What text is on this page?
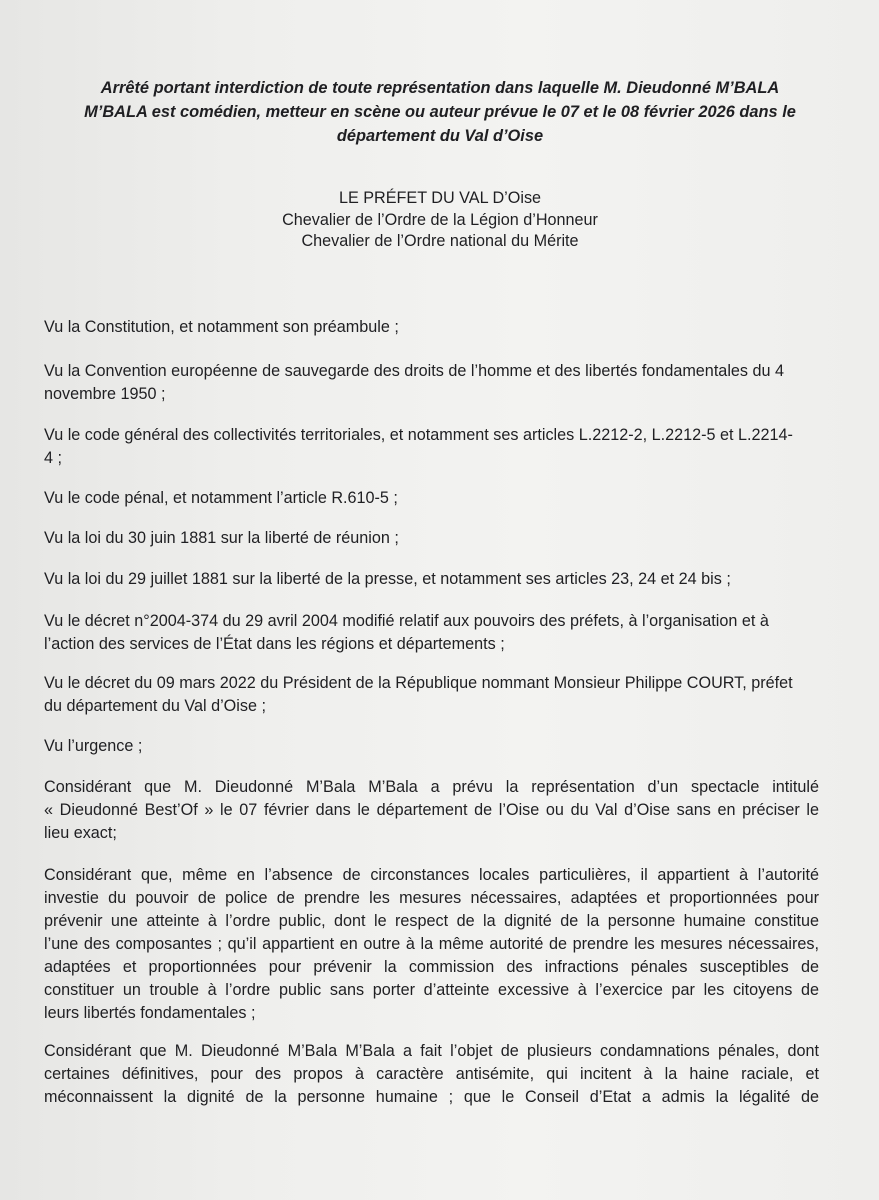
Arrêté portant interdiction de toute représentation dans laquelle M. Dieudonné M’BALA
M’BALA est comédien, metteur en scène ou auteur prévue le 07 et le 08 février 2026 dans le
département du Val d’Oise
LE PRÉFET DU VAL D’Oise
Chevalier de l’Ordre de la Légion d’Honneur
Chevalier de l’Ordre national du Mérite
Vu la Constitution, et notamment son préambule ;
Vu la Convention européenne de sauvegarde des droits de l’homme et des libertés fondamentales du 4
novembre 1950 ;
Vu le code général des collectivités territoriales, et notamment ses articles L.2212-2, L.2212-5 et L.2214-
4 ;
Vu le code pénal, et notamment l’article R.610-5 ;
Vu la loi du 30 juin 1881 sur la liberté de réunion ;
Vu la loi du 29 juillet 1881 sur la liberté de la presse, et notamment ses articles 23, 24 et 24 bis ;
Vu le décret n°2004-374 du 29 avril 2004 modifié relatif aux pouvoirs des préfets, à l’organisation et à
l’action des services de l’État dans les régions et départements ;
Vu le décret du 09 mars 2022 du Président de la République nommant Monsieur Philippe COURT, préfet
du département du Val d’Oise ;
Vu l’urgence ;
Considérant que M. Dieudonné M’Bala M’Bala a prévu la représentation d’un spectacle intitulé
« Dieudonné Best’Of » le 07 février dans le département de l’Oise ou du Val d’Oise sans en préciser le
lieu exact;
Considérant que, même en l’absence de circonstances locales particulières, il appartient à l’autorité
investie du pouvoir de police de prendre les mesures nécessaires, adaptées et proportionnées pour
prévenir une atteinte à l’ordre public, dont le respect de la dignité de la personne humaine constitue
l’une des composantes ; qu’il appartient en outre à la même autorité de prendre les mesures nécessaires,
adaptées et proportionnées pour prévenir la commission des infractions pénales susceptibles de
constituer un trouble à l’ordre public sans porter d’atteinte excessive à l’exercice par les citoyens de
leurs libertés fondamentales ;
Considérant que M. Dieudonné M’Bala M’Bala a fait l’objet de plusieurs condamnations pénales, dont
certaines définitives, pour des propos à caractère antisémite, qui incitent à la haine raciale, et
méconnaissent la dignité de la personne humaine ; que le Conseil d’Etat a admis la légalité de
